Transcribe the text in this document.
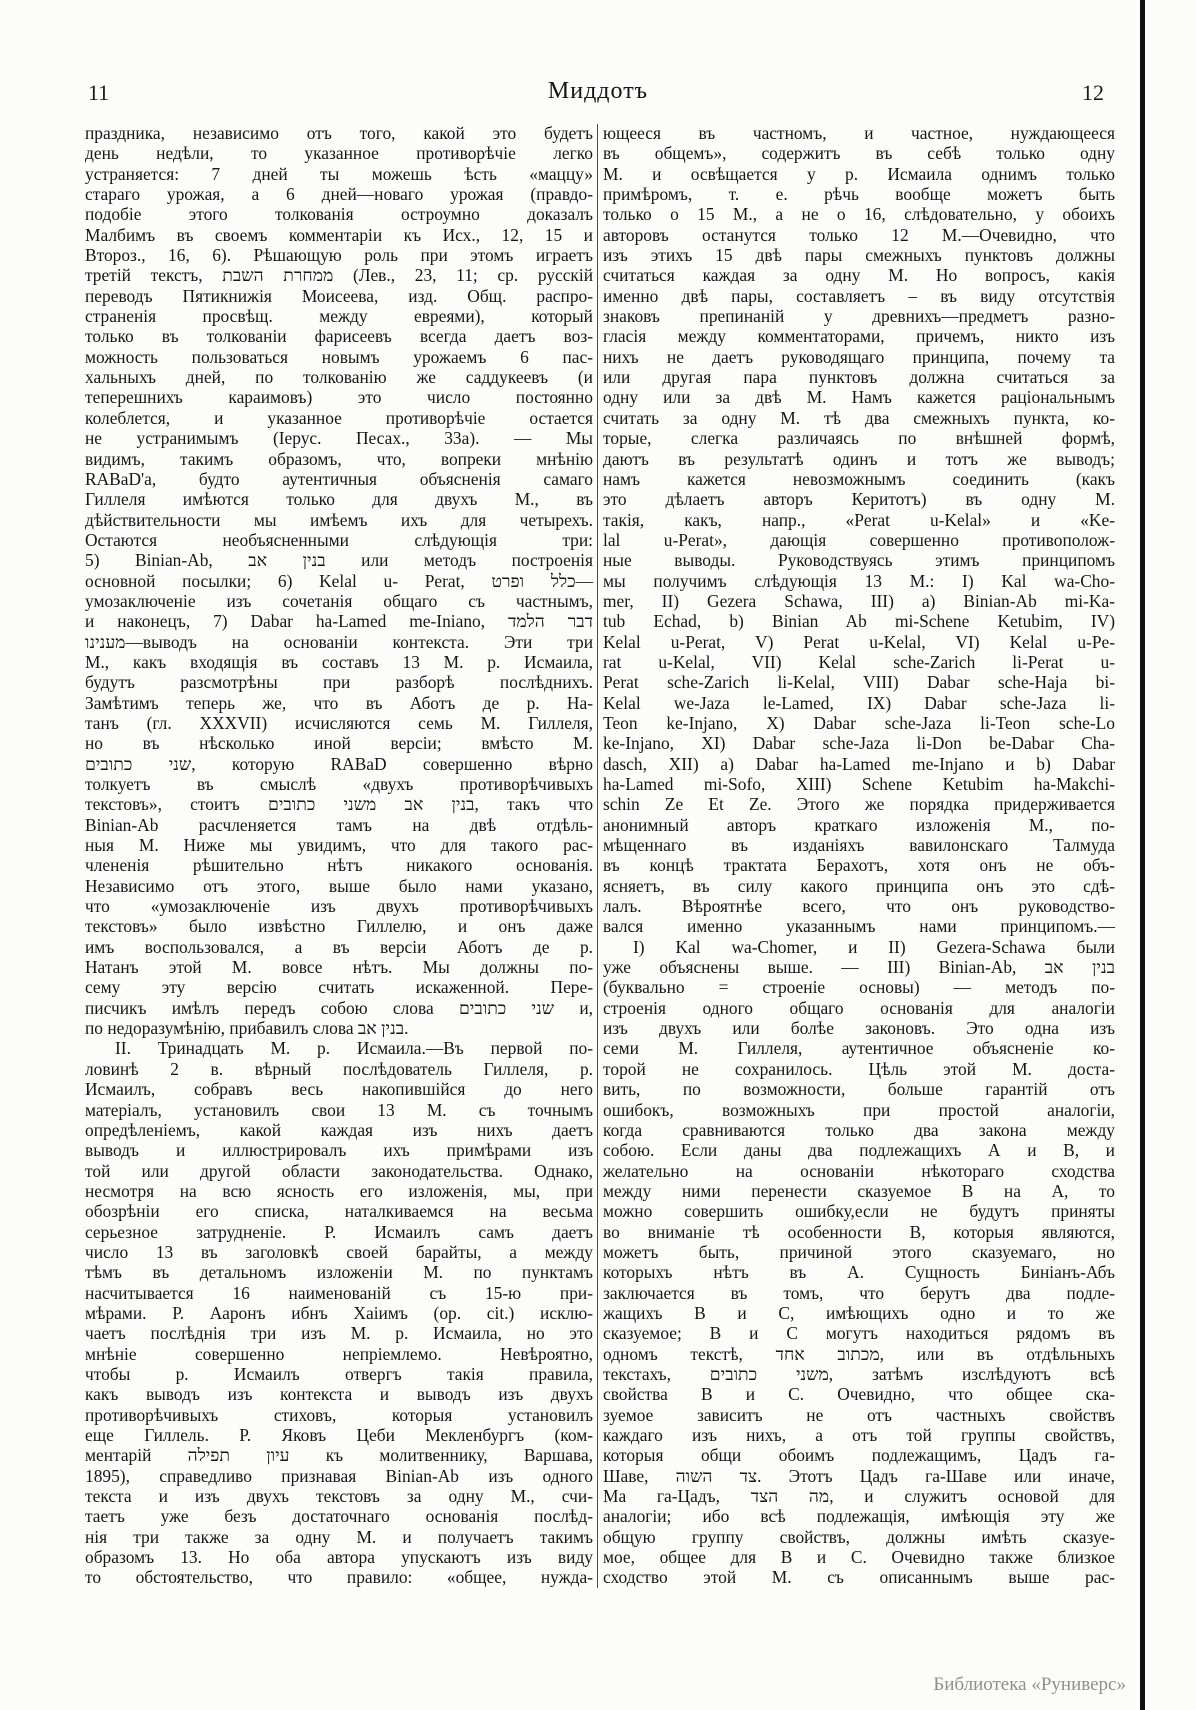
11	Миддотъ	12
праздника, независимо отъ того, какой это будетъ
день недѣли, то указанное противорѣчіе легко
устраняется: 7 дней ты можешь ѣсть «маццу»
стараго урожая, а 6 дней—новаго урожая (правдо-
подобіе этого толкованія остроумно доказалъ
Малбимъ въ своемъ комментаріи къ Исх., 12, 15 и
Второз., 16, 6). Рѣшающую роль при этомъ играетъ
третій текстъ, ממחרת השבת (Лев., 23, 11; ср. русскій
переводъ Пятикнижія Моисеева, изд. Общ. распро-
страненія просвѣщ. между евреями), который
только въ толкованіи фарисеевъ всегда даетъ воз-
можность пользоваться новымъ урожаемъ 6 пас-
хальныхъ дней, по толкованію же саддукеевъ (и
теперешнихъ караимовъ) это число постоянно
колеблется, и указанное противорѣчіе остается
не устранимымъ (Іерус. Песах., 33а). — Мы
видимъ, такимъ образомъ, что, вопреки мнѣнію
RABaD'a, будто аутентичныя объясненія самаго
Гиллеля имѣются только для двухъ М., въ
дѣйствительности мы имѣемъ ихъ для четырехъ.
Остаются необъясненными слѣдующія три:
5) Binian-Ab, בנין אב или методъ построенія
основной посылки; 6) Kelal u- Perat, כלל ופרט—
умозаключеніе изъ сочетанія общаго съ частнымъ,
и наконецъ, 7) Dabar ha-Lamed me-Iniano, דבר הלמד
מענינו—выводъ на основаніи контекста. Эти три
М., какъ входящія въ составъ 13 М. р. Исмаила,
будутъ разсмотрѣны при разборѣ послѣднихъ.
Замѣтимъ теперь же, что въ Аботъ де р. На-
танъ (гл. XXXVII) исчисляются семь М. Гиллеля,
но въ нѣсколько иной версіи; вмѣсто М.
שני כתובים, которую RABaD совершенно вѣрно
толкуетъ въ смыслѣ «двухъ противорѣчивыхъ
текстовъ», стоитъ בנין אב משני כתובים, такъ что
Binian-Ab расчленяется тамъ на двѣ отдѣль-
ныя М. Ниже мы увидимъ, что для такого рас-
члененія рѣшительно нѣтъ никакого основанія.
Независимо отъ этого, выше было нами указано,
что «умозаключеніе изъ двухъ противорѣчивыхъ
текстовъ» было извѣстно Гиллелю, и онъ даже
имъ воспользовался, а въ версіи Аботъ де р.
Натанъ этой М. вовсе нѣтъ. Мы должны по-
сему эту версію считать искаженной. Пере-
писчикъ имѣлъ передъ собою слова שני כתובים и,
по недоразумѣнію, прибавилъ слова בנין אב.
II. Тринадцать М. р. Исмаила.—Въ первой по-
ловинѣ 2 в. вѣрный послѣдователь Гиллеля, р.
Исмаилъ, собравъ весь накопившійся до него
матеріалъ, установилъ свои 13 М. съ точнымъ
опредѣленіемъ, какой каждая изъ нихъ даетъ
выводъ и иллюстрировалъ ихъ примѣрами изъ
той или другой области законодательства. Однако,
несмотря на всю ясность его изложенія, мы, при
обозрѣніи его списка, наталкиваемся на весьма
серьезное затрудненіе. Р. Исмаилъ самъ даетъ
число 13 въ заголовкѣ своей барайты, а между
тѣмъ въ детальномъ изложеніи М. по пунктамъ
насчитывается 16 наименованій съ 15-ю при-
мѣрами. Р. Ааронъ ибнъ Хаіимъ (op. cit.) исклю-
чаетъ послѣднія три изъ М. р. Исмаила, но это
мнѣніе совершенно непріемлемо. Невѣроятно,
чтобы р. Исмаилъ отвергъ такія правила,
какъ выводъ изъ контекста и выводъ изъ двухъ
противорѣчивыхъ стиховъ, которыя установилъ
еще Гиллель. Р. Яковъ Цеби Мекленбургъ (ком-
ментарій עיון תפילה къ молитвеннику, Варшава,
1895), справедливо признавая Binian-Ab изъ одного
текста и изъ двухъ текстовъ за одну М., счи-
таетъ уже безъ достаточнаго основанія послѣд-
нія три также за одну М. и получаетъ такимъ
образомъ 13. Но оба автора упускаютъ изъ виду
то обстоятельство, что правило: «общее, нужда-
ющееся въ частномъ, и частное, нуждающееся
въ общемъ», содержитъ въ себѣ только одну
М. и освѣщается у р. Исмаила однимъ только
примѣромъ, т. е. рѣчь вообще можетъ быть
только о 15 М., а не о 16, слѣдовательно, у обоихъ
авторовъ останутся только 12 М.—Очевидно, что
изъ этихъ 15 двѣ пары смежныхъ пунктовъ должны
считаться каждая за одну М. Но вопросъ, какія
именно двѣ пары, составляетъ – въ виду отсутствія
знаковъ препинаній у древнихъ—предметъ разно-
гласія между комментаторами, причемъ, никто изъ
нихъ не даетъ руководящаго принципа, почему та
или другая пара пунктовъ должна считаться за
одну или за двѣ М. Намъ кажется раціональнымъ
считать за одну М. тѣ два смежныхъ пункта, ко-
торые, слегка различаясь по внѣшней формѣ,
даютъ въ результатѣ одинъ и тотъ же выводъ;
намъ кажется невозможнымъ соединить (какъ
это дѣлаетъ авторъ Керитотъ) въ одну М.
такія, какъ, напр., «Perat u-Kelal» и «Ke-
lal u-Perat», дающія совершенно противополож-
ные выводы. Руководствуясь этимъ принципомъ
мы получимъ слѣдующія 13 М.: I) Kal wa-Cho-
mer, II) Gezera Schawa, III) a) Binian-Ab mi-Ka-
tub Echad, b) Binian Ab mi-Schene Ketubim, IV)
Kelal u-Perat, V) Perat u-Kelal, VI) Kelal u-Pe-
rat u-Kelal, VII) Kelal sche-Zarich li-Perat u-
Perat sche-Zarich li-Kelal, VIII) Dabar sche-Haja bi-
Kelal we-Jaza le-Lamed, IX) Dabar sche-Jaza li-
Teon ke-Injano, X) Dabar sche-Jaza li-Teon sche-Lo
ke-Injano, XI) Dabar sche-Jaza li-Don be-Dabar Cha-
dasch, XII) a) Dabar ha-Lamed me-Injano и b) Dabar
ha-Lamed mi-Sofo, XIII) Schene Ketubim ha-Makchi-
schin Ze Et Ze. Этого же порядка придерживается
анонимный авторъ краткаго изложенія М., по-
мѣщеннаго въ изданіяхъ вавилонскаго Талмуда
въ концѣ трактата Берахотъ, хотя онъ не объ-
ясняетъ, въ силу какого принципа онъ это сдѣ-
лалъ. Вѣроятнѣе всего, что онъ руководство-
вался именно указаннымъ нами принципомъ.—
I) Kal wa-Chomer, и II) Gezera-Schawa были
уже объяснены выше. — III) Binian-Ab, בנין אב
(буквально = строеніе основы) — методъ по-
строенія одного общаго основанія для аналогіи
изъ двухъ или болѣе законовъ. Это одна изъ
семи М. Гиллеля, аутентичное объясненіе ко-
торой не сохранилось. Цѣль этой М. доста-
вить, по возможности, больше гарантій отъ
ошибокъ, возможныхъ при простой аналогіи,
когда сравниваются только два закона между
собою. Если даны два подлежащихъ А и В, и
желательно на основаніи нѣкотораго сходства
между ними перенести сказуемое В на А, то
можно совершить ошибку,если не будутъ приняты
во вниманіе тѣ особенности В, которыя являются,
можетъ быть, причиной этого сказуемаго, но
которыхъ нѣтъ въ А. Сущность Биніанъ-Абъ
заключается въ томъ, что берутъ два подле-
жащихъ В и С, имѣющихъ одно и то же
сказуемое; В и С могутъ находиться рядомъ въ
одномъ текстѣ, מכתוב אחד, или въ отдѣльныхъ
текстахъ, משני כתובים, затѣмъ изслѣдуютъ всѣ
свойства В и С. Очевидно, что общее ска-
зуемое зависитъ не отъ частныхъ свойствъ
каждаго изъ нихъ, а отъ той группы свойствъ,
которыя общи обоимъ подлежащимъ, Цадъ га-
Шаве, צד השוה. Этотъ Цадъ га-Шаве или иначе,
Ма га-Цадъ, מה הצד, и служитъ основой для
аналогіи; ибо всѣ подлежащія, имѣющія эту же
общую группу свойствъ, должны имѣть сказуе-
мое, общее для В и С. Очевидно также близкое
сходство этой М. съ описаннымъ выше рас-
Библиотека «Руниверс»
